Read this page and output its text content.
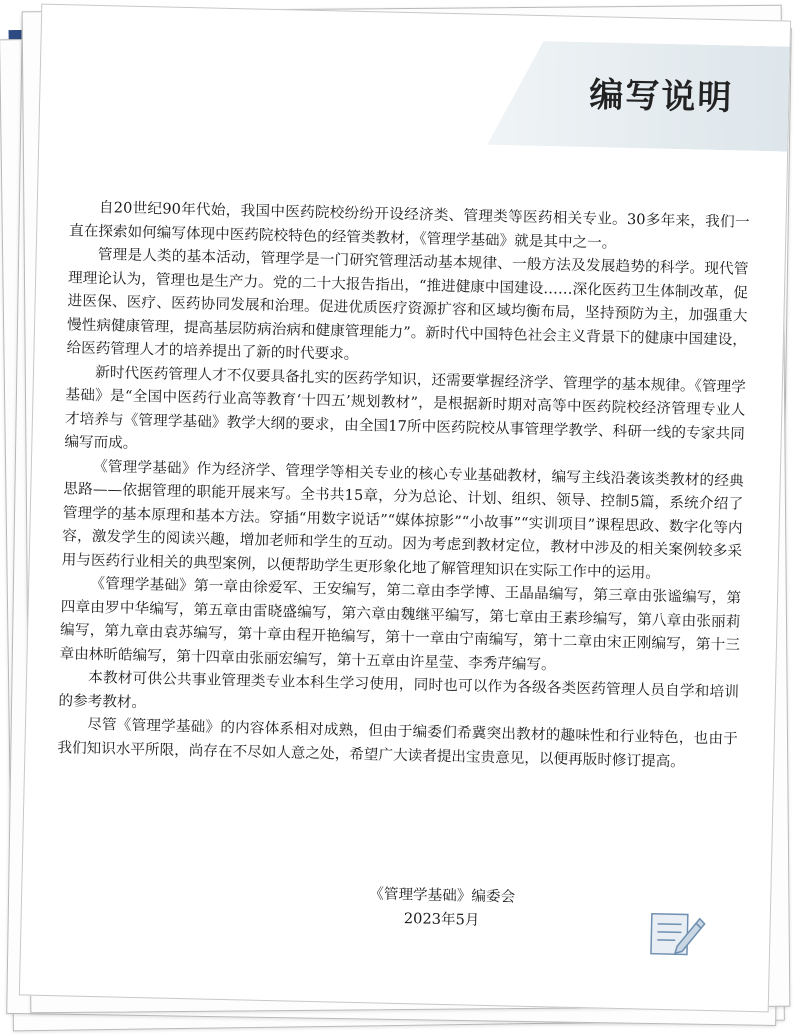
编写说明

自20世纪90年代始，我国中医药院校纷纷开设经济类、管理类等医药相关专业。30多年来，我们一直在探索如何编写体现中医药院校特色的经管类教材，《管理学基础》就是其中之一。

管理是人类的基本活动，管理学是一门研究管理活动基本规律、一般方法及发展趋势的科学。现代管理理论认为，管理也是生产力。党的二十大报告指出，“推进健康中国建设……深化医药卫生体制改革，促进医保、医疗、医药协同发展和治理。促进优质医疗资源扩容和区域均衡布局，坚持预防为主，加强重大慢性病健康管理，提高基层防病治病和健康管理能力”。新时代中国特色社会主义背景下的健康中国建设，给医药管理人才的培养提出了新的时代要求。

新时代医药管理人才不仅要具备扎实的医药学知识，还需要掌握经济学、管理学的基本规律。《管理学基础》是“全国中医药行业高等教育‘十四五’规划教材”，是根据新时期对高等中医药院校经济管理专业人才培养与《管理学基础》教学大纲的要求，由全国17所中医药院校从事管理学教学、科研一线的专家共同编写而成。

《管理学基础》作为经济学、管理学等相关专业的核心专业基础教材，编写主线沿袭该类教材的经典思路——依据管理的职能开展来写。全书共15章，分为总论、计划、组织、领导、控制5篇，系统介绍了管理学的基本原理和基本方法。穿插“用数字说话”“媒体掠影”“小故事”“实训项目”课程思政、数字化等内容，激发学生的阅读兴趣，增加老师和学生的互动。因为考虑到教材定位，教材中涉及的相关案例较多采用与医药行业相关的典型案例，以便帮助学生更形象化地了解管理知识在实际工作中的运用。

《管理学基础》第一章由徐爱军、王安编写，第二章由李学博、王晶晶编写，第三章由张谧编写，第四章由罗中华编写，第五章由雷晓盛编写，第六章由魏继平编写，第七章由王素珍编写，第八章由张丽莉编写，第九章由袁苏编写，第十章由程开艳编写，第十一章由宁南编写，第十二章由宋正刚编写，第十三章由林昕皓编写，第十四章由张丽宏编写，第十五章由许星莹、李秀芹编写。

本教材可供公共事业管理类专业本科生学习使用，同时也可以作为各级各类医药管理人员自学和培训的参考教材。

尽管《管理学基础》的内容体系相对成熟，但由于编委们希冀突出教材的趣味性和行业特色，也由于我们知识水平所限，尚存在不尽如人意之处，希望广大读者提出宝贵意见，以便再版时修订提高。

《管理学基础》编委会
2023年5月
